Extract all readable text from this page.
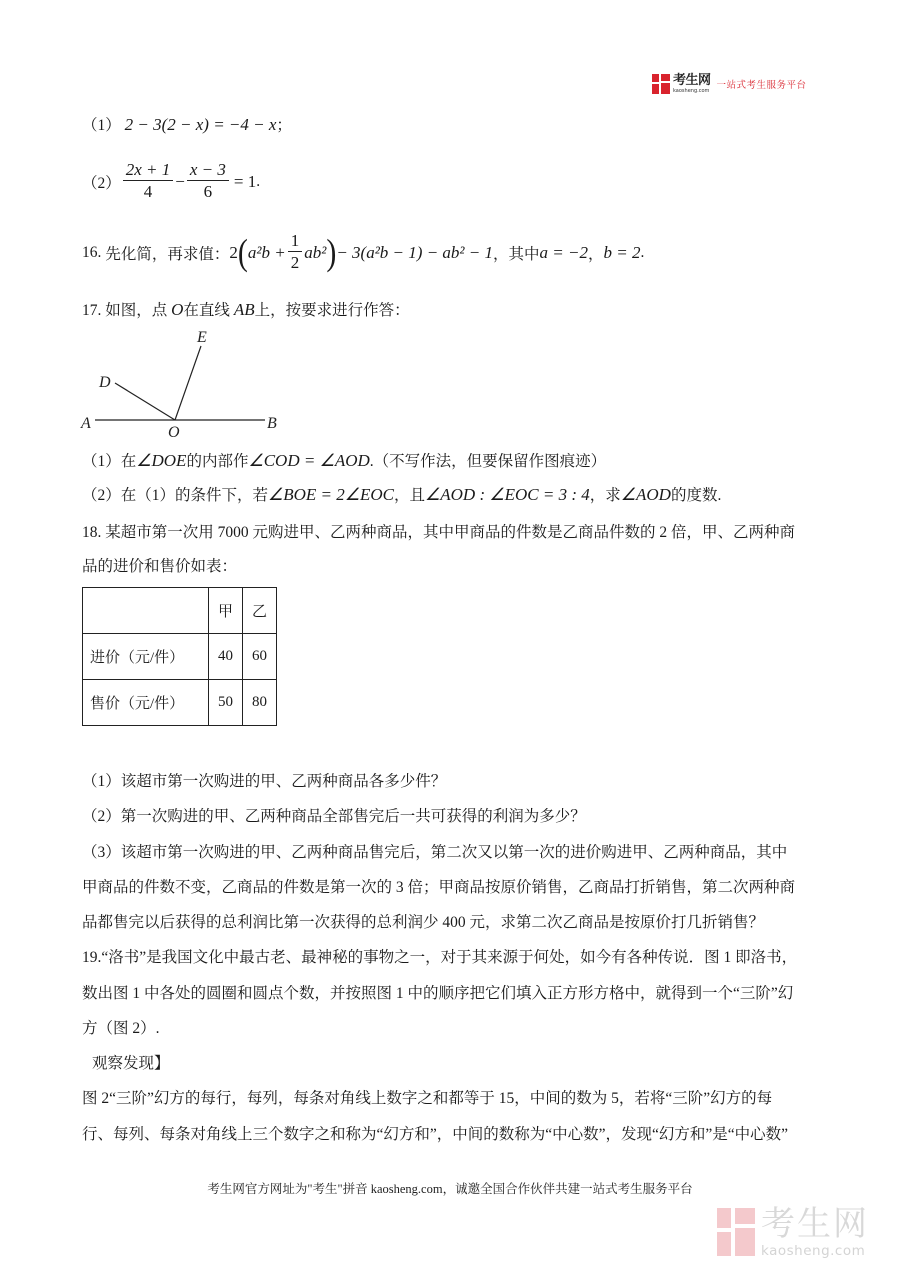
考生网
kaosheng.com 一站式考生服务平台
（1） 2 − 3(2 − x) = −4 − x；
$(2) \frac{2x + 1}{4} - \frac{x - 3}{6} = 1$ .
16. 先化简，再求值： 2 ( $a^2b + \frac{1}{2} ab^2$ ) − 3(a²b − 1) − ab² − 1 ，其中 a = −2 ， b = 2 .
17. 如图，点 O在直线 AB上，按要求进行作答：
A	B
O
D
E
（1）在∠DOE的内部作∠COD = ∠AOD.（不写作法，但要保留作图痕迹）
（2）在（1）的条件下，若∠BOE = 2∠EOC，且∠AOD : ∠EOC = 3 : 4，求∠AOD的度数.
18. 某超市第一次用 7000 元购进甲、乙两种商品，其中甲商品的件数是乙商品件数的 2 倍，甲、乙两种商
品的进价和售价如表：
	甲	乙
进价（元/件）	40	60
售价（元/件）	50	80
（1）该超市第一次购进的甲、乙两种商品各多少件？
（2）第一次购进的甲、乙两种商品全部售完后一共可获得的利润为多少？
（3）该超市第一次购进的甲、乙两种商品售完后，第二次又以第一次的进价购进甲、乙两种商品，其中
甲商品的件数不变，乙商品的件数是第一次的 3 倍；甲商品按原价销售，乙商品打折销售，第二次两种商
品都售完以后获得的总利润比第一次获得的总利润少 400 元，求第二次乙商品是按原价打几折销售？
19.“洛书”是我国文化中最古老、最神秘的事物之一，对于其来源于何处，如今有各种传说．图 1 即洛书，
数出图 1 中各处的圆圈和圆点个数，并按照图 1 中的顺序把它们填入正方形方格中，就得到一个“三阶”幻
方（图 2）.
观察发现】
图 2“三阶”幻方的每行，每列，每条对角线上数字之和都等于 15，中间的数为 5，若将“三阶”幻方的每
行、每列、每条对角线上三个数字之和称为“幻方和”，中间的数称为“中心数”，发现“幻方和”是“中心数”
考生网官方网址为"考生"拼音 kaosheng.com，诚邀全国合作伙伴共建一站式考生服务平台
考生网
kaosheng.com
